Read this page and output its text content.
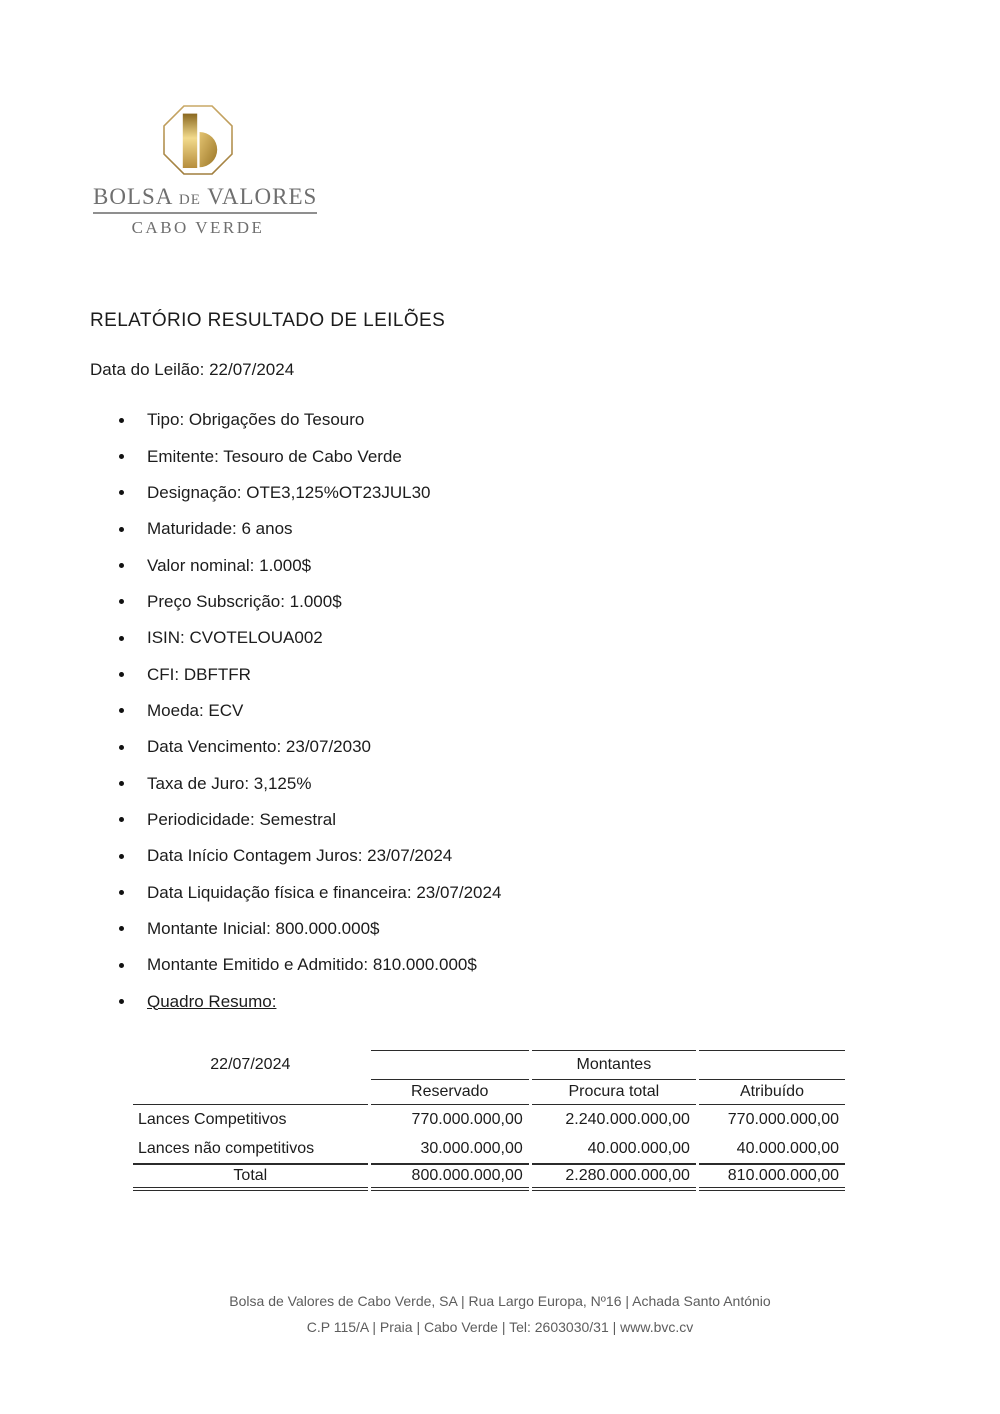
BOLSA DE VALORES
CABO VERDE
RELATÓRIO RESULTADO DE LEILÕES
Data do Leilão: 22/07/2024
Tipo: Obrigações do Tesouro
Emitente: Tesouro de Cabo Verde
Designação: OTE3,125%OT23JUL30
Maturidade: 6 anos
Valor nominal: 1.000$
Preço Subscrição: 1.000$
ISIN: CVOTELOUA002
CFI: DBFTFR
Moeda: ECV
Data Vencimento: 23/07/2030
Taxa de Juro: 3,125%
Periodicidade: Semestral
Data Início Contagem Juros: 23/07/2024
Data Liquidação física e financeira: 23/07/2024
Montante Inicial: 800.000.000$
Montante Emitido e Admitido: 810.000.000$
Quadro Resumo:
22/07/2024		Montantes	
	Reservado	Procura total	Atribuído
Lances Competitivos	770.000.000,00	2.240.000.000,00	770.000.000,00
Lances não competitivos	30.000.000,00	40.000.000,00	40.000.000,00
Total	800.000.000,00	2.280.000.000,00	810.000.000,00
Bolsa de Valores de Cabo Verde, SA | Rua Largo Europa, Nº16 | Achada Santo António
C.P 115/A | Praia | Cabo Verde | Tel: 2603030/31 | www.bvc.cv
